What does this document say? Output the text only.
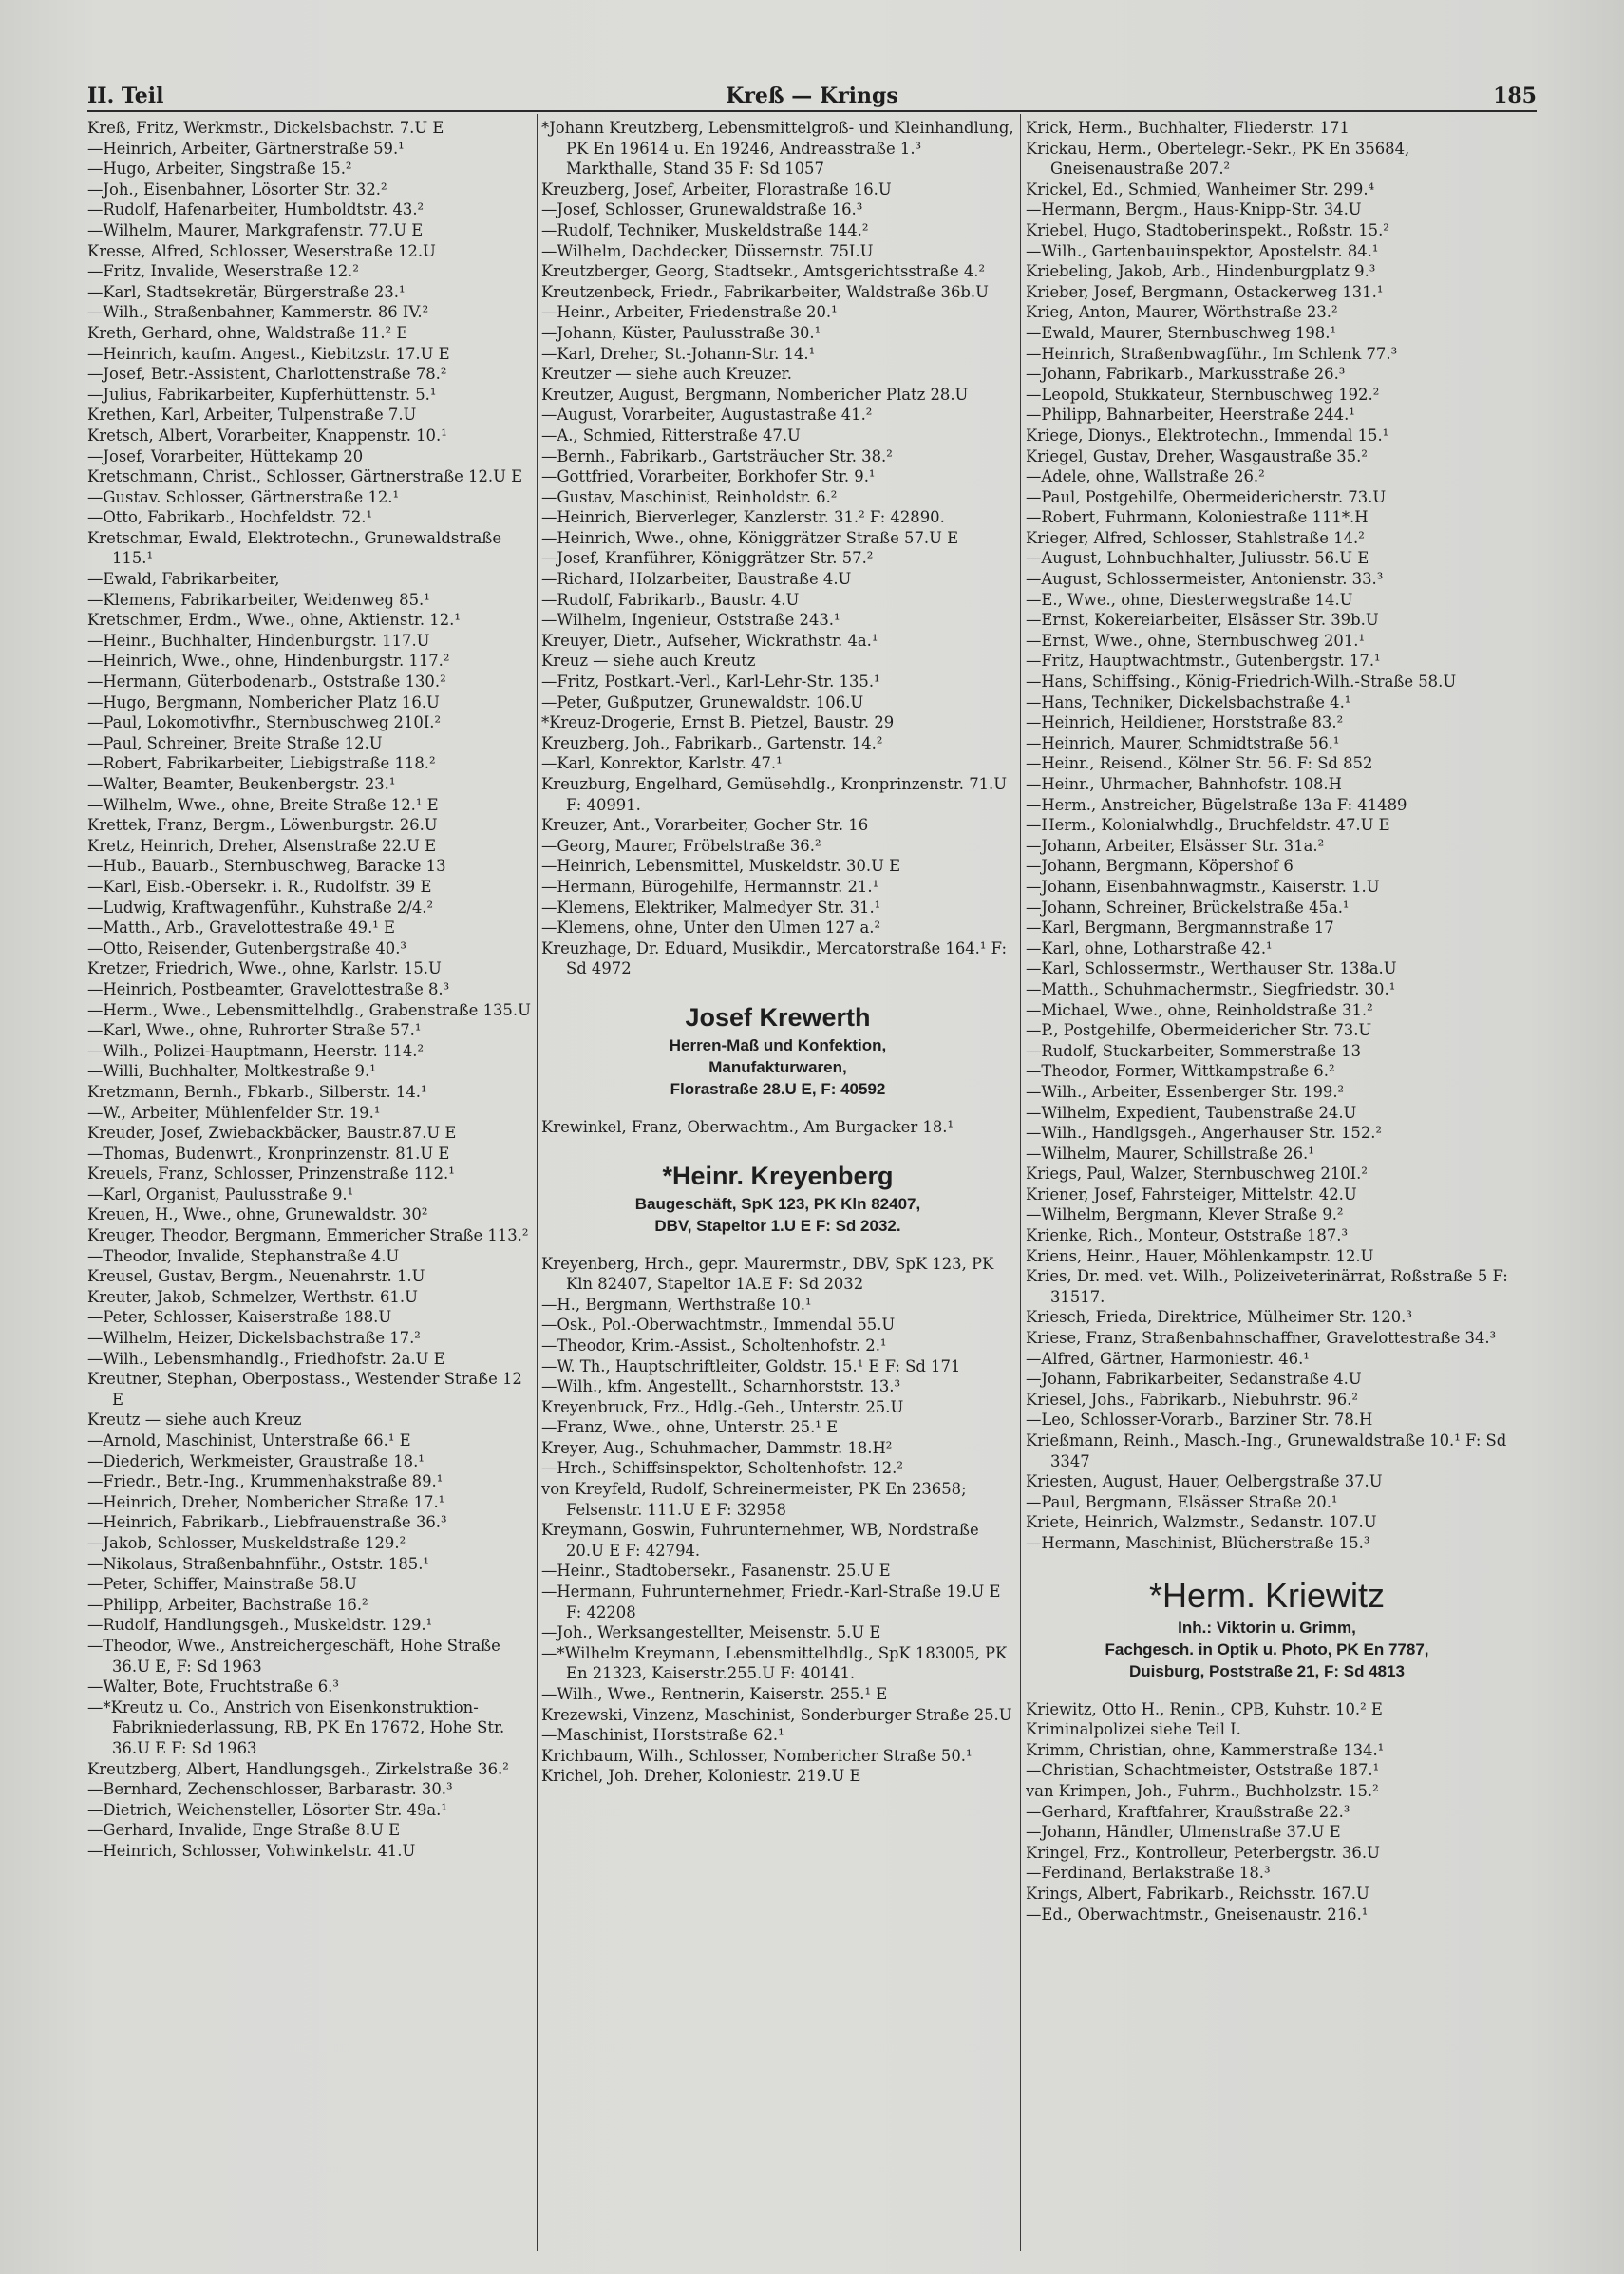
II. Teil	Kreß — Krings	185
Kreß, Fritz, Werkmstr., Dickelsbachstr. 7.U E
—Heinrich, Arbeiter, Gärtnerstraße 59.¹
—Hugo, Arbeiter, Singstraße 15.²
—Joh., Eisenbahner, Lösorter Str. 32.²
—Rudolf, Hafenarbeiter, Humboldtstr. 43.²
—Wilhelm, Maurer, Markgrafenstr. 77.U E
Kresse, Alfred, Schlosser, Weserstraße 12.U
—Fritz, Invalide, Weserstraße 12.²
—Karl, Stadtsekretär, Bürgerstraße 23.¹
—Wilh., Straßenbahner, Kammerstr. 86 IV.²
Kreth, Gerhard, ohne, Waldstraße 11.² E
—Heinrich, kaufm. Angest., Kiebitzstr. 17.U E
—Josef, Betr.-Assistent, Charlottenstraße 78.²
—Julius, Fabrikarbeiter, Kupferhüttenstr. 5.¹
Krethen, Karl, Arbeiter, Tulpenstraße 7.U
Kretsch, Albert, Vorarbeiter, Knappenstr. 10.¹
—Josef, Vorarbeiter, Hüttekamp 20
Kretschmann, Christ., Schlosser, Gärtnerstraße 12.U E
—Gustav. Schlosser, Gärtnerstraße 12.¹
—Otto, Fabrikarb., Hochfeldstr. 72.¹
Kretschmar, Ewald, Elektrotechn., Grunewaldstraße 115.¹
—Ewald, Fabrikarbeiter,
—Klemens, Fabrikarbeiter, Weidenweg 85.¹
Kretschmer, Erdm., Wwe., ohne, Aktienstr. 12.¹
—Heinr., Buchhalter, Hindenburgstr. 117.U
—Heinrich, Wwe., ohne, Hindenburgstr. 117.²
—Hermann, Güterbodenarb., Oststraße 130.²
—Hugo, Bergmann, Nombericher Platz 16.U
—Paul, Lokomotivfhr., Sternbuschweg 210I.²
—Paul, Schreiner, Breite Straße 12.U
—Robert, Fabrikarbeiter, Liebigstraße 118.²
—Walter, Beamter, Beukenbergstr. 23.¹
—Wilhelm, Wwe., ohne, Breite Straße 12.¹ E
Krettek, Franz, Bergm., Löwenburgstr. 26.U
Kretz, Heinrich, Dreher, Alsenstraße 22.U E
—Hub., Bauarb., Sternbuschweg, Baracke 13
—Karl, Eisb.-Obersekr. i. R., Rudolfstr. 39 E
—Ludwig, Kraftwagenführ., Kuhstraße 2/4.²
—Matth., Arb., Gravelottestraße 49.¹ E
—Otto, Reisender, Gutenbergstraße 40.³
Kretzer, Friedrich, Wwe., ohne, Karlstr. 15.U
—Heinrich, Postbeamter, Gravelottestraße 8.³
—Herm., Wwe., Lebensmittelhdlg., Grabenstraße 135.U
—Karl, Wwe., ohne, Ruhrorter Straße 57.¹
—Wilh., Polizei-Hauptmann, Heerstr. 114.²
—Willi, Buchhalter, Moltkestraße 9.¹
Kretzmann, Bernh., Fbkarb., Silberstr. 14.¹
—W., Arbeiter, Mühlenfelder Str. 19.¹
Kreuder, Josef, Zwiebackbäcker, Baustr.87.U E
—Thomas, Budenwrt., Kronprinzenstr. 81.U E
Kreuels, Franz, Schlosser, Prinzenstraße 112.¹
—Karl, Organist, Paulusstraße 9.¹
Kreuen, H., Wwe., ohne, Grunewaldstr. 30²
Kreuger, Theodor, Bergmann, Emmericher Straße 113.²
—Theodor, Invalide, Stephanstraße 4.U
Kreusel, Gustav, Bergm., Neuenahrstr. 1.U
Kreuter, Jakob, Schmelzer, Werthstr. 61.U
—Peter, Schlosser, Kaiserstraße 188.U
—Wilhelm, Heizer, Dickelsbachstraße 17.²
—Wilh., Lebensmhandlg., Friedhofstr. 2a.U E
Kreutner, Stephan, Oberpostass., Westender Straße 12 E
Kreutz — siehe auch Kreuz
—Arnold, Maschinist, Unterstraße 66.¹ E
—Diederich, Werkmeister, Graustraße 18.¹
—Friedr., Betr.-Ing., Krummenhakstraße 89.¹
—Heinrich, Dreher, Nombericher Straße 17.¹
—Heinrich, Fabrikarb., Liebfrauenstraße 36.³
—Jakob, Schlosser, Muskeldstraße 129.²
—Nikolaus, Straßenbahnführ., Oststr. 185.¹
—Peter, Schiffer, Mainstraße 58.U
—Philipp, Arbeiter, Bachstraße 16.²
—Rudolf, Handlungsgeh., Muskeldstr. 129.¹
—Theodor, Wwe., Anstreichergeschäft, Hohe Straße 36.U E, F: Sd 1963
—Walter, Bote, Fruchtstraße 6.³
—*Kreutz u. Co., Anstrich von Eisenkonstruktion-Fabrikniederlassung, RB, PK En 17672, Hohe Str. 36.U E F: Sd 1963
Kreutzberg, Albert, Handlungsgeh., Zirkelstraße 36.²
—Bernhard, Zechenschlosser, Barbarastr. 30.³
—Dietrich, Weichensteller, Lösorter Str. 49a.¹
—Gerhard, Invalide, Enge Straße 8.U E
—Heinrich, Schlosser, Vohwinkelstr. 41.U
*Johann Kreutzberg, Lebensmittelgroß- und Kleinhandlung, PK En 19614 u. En 19246, Andreasstraße 1.³ Markthalle, Stand 35 F: Sd 1057
Kreuzberg, Josef, Arbeiter, Florastraße 16.U
—Josef, Schlosser, Grunewaldstraße 16.³
—Rudolf, Techniker, Muskeldstraße 144.²
—Wilhelm, Dachdecker, Düssernstr. 75I.U
Kreutzberger, Georg, Stadtsekr., Amtsgerichtsstraße 4.²
Kreutzenbeck, Friedr., Fabrikarbeiter, Waldstraße 36b.U
—Heinr., Arbeiter, Friedenstraße 20.¹
—Johann, Küster, Paulusstraße 30.¹
—Karl, Dreher, St.-Johann-Str. 14.¹
Kreutzer — siehe auch Kreuzer.
Kreutzer, August, Bergmann, Nombericher Platz 28.U
—August, Vorarbeiter, Augustastraße 41.²
—A., Schmied, Ritterstraße 47.U
—Bernh., Fabrikarb., Gartsträucher Str. 38.²
—Gottfried, Vorarbeiter, Borkhofer Str. 9.¹
—Gustav, Maschinist, Reinholdstr. 6.²
—Heinrich, Bierverleger, Kanzlerstr. 31.² F: 42890.
—Heinrich, Wwe., ohne, Königgrätzer Straße 57.U E
—Josef, Kranführer, Königgrätzer Str. 57.²
—Richard, Holzarbeiter, Baustraße 4.U
—Rudolf, Fabrikarb., Baustr. 4.U
—Wilhelm, Ingenieur, Oststraße 243.¹
Kreuyer, Dietr., Aufseher, Wickrathstr. 4a.¹
Kreuz — siehe auch Kreutz
—Fritz, Postkart.-Verl., Karl-Lehr-Str. 135.¹
—Peter, Gußputzer, Grunewaldstr. 106.U
*Kreuz-Drogerie, Ernst B. Pietzel, Baustr. 29
Kreuzberg, Joh., Fabrikarb., Gartenstr. 14.²
—Karl, Konrektor, Karlstr. 47.¹
Kreuzburg, Engelhard, Gemüsehdlg., Kronprinzenstr. 71.U F: 40991.
Kreuzer, Ant., Vorarbeiter, Gocher Str. 16
—Georg, Maurer, Fröbelstraße 36.²
—Heinrich, Lebensmittel, Muskeldstr. 30.U E
—Hermann, Bürogehilfe, Hermannstr. 21.¹
—Klemens, Elektriker, Malmedyer Str. 31.¹
—Klemens, ohne, Unter den Ulmen 127 a.²
Kreuzhage, Dr. Eduard, Musikdir., Mercatorstraße 164.¹ F: Sd 4972
Josef Krewerth
Herren-Maß und Konfektion,
Manufakturwaren,
Florastraße 28.U E, F: 40592
Krewinkel, Franz, Oberwachtm., Am Burgacker 18.¹
*Heinr. Kreyenberg
Baugeschäft, SpK 123, PK Kln 82407,
DBV, Stapeltor 1.U E F: Sd 2032.
Kreyenberg, Hrch., gepr. Maurermstr., DBV, SpK 123, PK Kln 82407, Stapeltor 1A.E F: Sd 2032
—H., Bergmann, Werthstraße 10.¹
—Osk., Pol.-Oberwachtmstr., Immendal 55.U
—Theodor, Krim.-Assist., Scholtenhofstr. 2.¹
—W. Th., Hauptschriftleiter, Goldstr. 15.¹ E F: Sd 171
—Wilh., kfm. Angestellt., Scharnhorststr. 13.³
Kreyenbruck, Frz., Hdlg.-Geh., Unterstr. 25.U
—Franz, Wwe., ohne, Unterstr. 25.¹ E
Kreyer, Aug., Schuhmacher, Dammstr. 18.H²
—Hrch., Schiffsinspektor, Scholtenhofstr. 12.²
von Kreyfeld, Rudolf, Schreinermeister, PK En 23658; Felsenstr. 111.U E F: 32958
Kreymann, Goswin, Fuhrunternehmer, WB, Nordstraße 20.U E F: 42794.
—Heinr., Stadtobersekr., Fasanenstr. 25.U E
—Hermann, Fuhrunternehmer, Friedr.-Karl-Straße 19.U E F: 42208
—Joh., Werksangestellter, Meisenstr. 5.U E
—*Wilhelm Kreymann, Lebensmittelhdlg., SpK 183005, PK En 21323, Kaiserstr.255.U F: 40141.
—Wilh., Wwe., Rentnerin, Kaiserstr. 255.¹ E
Krezewski, Vinzenz, Maschinist, Sonderburger Straße 25.U
—Maschinist, Horststraße 62.¹
Krichbaum, Wilh., Schlosser, Nombericher Straße 50.¹
Krichel, Joh. Dreher, Koloniestr. 219.U E
Krick, Herm., Buchhalter, Fliederstr. 171
Krickau, Herm., Obertelegr.-Sekr., PK En 35684, Gneisenaustraße 207.²
Krickel, Ed., Schmied, Wanheimer Str. 299.⁴
—Hermann, Bergm., Haus-Knipp-Str. 34.U
Kriebel, Hugo, Stadtoberinspekt., Roßstr. 15.²
—Wilh., Gartenbauinspektor, Apostelstr. 84.¹
Kriebeling, Jakob, Arb., Hindenburgplatz 9.³
Krieber, Josef, Bergmann, Ostackerweg 131.¹
Krieg, Anton, Maurer, Wörthstraße 23.²
—Ewald, Maurer, Sternbuschweg 198.¹
—Heinrich, Straßenbwagführ., Im Schlenk 77.³
—Johann, Fabrikarb., Markusstraße 26.³
—Leopold, Stukkateur, Sternbuschweg 192.²
—Philipp, Bahnarbeiter, Heerstraße 244.¹
Kriege, Dionys., Elektrotechn., Immendal 15.¹
Kriegel, Gustav, Dreher, Wasgaustraße 35.²
—Adele, ohne, Wallstraße 26.²
—Paul, Postgehilfe, Obermeidericherstr. 73.U
—Robert, Fuhrmann, Koloniestraße 111*.H
Krieger, Alfred, Schlosser, Stahlstraße 14.²
—August, Lohnbuchhalter, Juliusstr. 56.U E
—August, Schlossermeister, Antonienstr. 33.³
—E., Wwe., ohne, Diesterwegstraße 14.U
—Ernst, Kokereiarbeiter, Elsässer Str. 39b.U
—Ernst, Wwe., ohne, Sternbuschweg 201.¹
—Fritz, Hauptwachtmstr., Gutenbergstr. 17.¹
—Hans, Schiffsing., König-Friedrich-Wilh.-Straße 58.U
—Hans, Techniker, Dickelsbachstraße 4.¹
—Heinrich, Heildiener, Horststraße 83.²
—Heinrich, Maurer, Schmidtstraße 56.¹
—Heinr., Reisend., Kölner Str. 56. F: Sd 852
—Heinr., Uhrmacher, Bahnhofstr. 108.H
—Herm., Anstreicher, Bügelstraße 13a F: 41489
—Herm., Kolonialwhdlg., Bruchfeldstr. 47.U E
—Johann, Arbeiter, Elsässer Str. 31a.²
—Johann, Bergmann, Köpershof 6
—Johann, Eisenbahnwagmstr., Kaiserstr. 1.U
—Johann, Schreiner, Brückelstraße 45a.¹
—Karl, Bergmann, Bergmannstraße 17
—Karl, ohne, Lotharstraße 42.¹
—Karl, Schlossermstr., Werthauser Str. 138a.U
—Matth., Schuhmachermstr., Siegfriedstr. 30.¹
—Michael, Wwe., ohne, Reinholdstraße 31.²
—P., Postgehilfe, Obermeidericher Str. 73.U
—Rudolf, Stuckarbeiter, Sommerstraße 13
—Theodor, Former, Wittkampstraße 6.²
—Wilh., Arbeiter, Essenberger Str. 199.²
—Wilhelm, Expedient, Taubenstraße 24.U
—Wilh., Handlgsgeh., Angerhauser Str. 152.²
—Wilhelm, Maurer, Schillstraße 26.¹
Kriegs, Paul, Walzer, Sternbuschweg 210I.²
Kriener, Josef, Fahrsteiger, Mittelstr. 42.U
—Wilhelm, Bergmann, Klever Straße 9.²
Krienke, Rich., Monteur, Oststraße 187.³
Kriens, Heinr., Hauer, Möhlenkampstr. 12.U
Kries, Dr. med. vet. Wilh., Polizeiveterinärrat, Roßstraße 5 F: 31517.
Kriesch, Frieda, Direktrice, Mülheimer Str. 120.³
Kriese, Franz, Straßenbahnschaffner, Gravelottestraße 34.³
—Alfred, Gärtner, Harmoniestr. 46.¹
—Johann, Fabrikarbeiter, Sedanstraße 4.U
Kriesel, Johs., Fabrikarb., Niebuhrstr. 96.²
—Leo, Schlosser-Vorarb., Barziner Str. 78.H
Krießmann, Reinh., Masch.-Ing., Grunewaldstraße 10.¹ F: Sd 3347
Kriesten, August, Hauer, Oelbergstraße 37.U
—Paul, Bergmann, Elsässer Straße 20.¹
Kriete, Heinrich, Walzmstr., Sedanstr. 107.U
—Hermann, Maschinist, Blücherstraße 15.³
*Herm. Kriewitz
Inh.: Viktorin u. Grimm,
Fachgesch. in Optik u. Photo, PK En 7787,
Duisburg, Poststraße 21, F: Sd 4813
Kriewitz, Otto H., Renin., CPB, Kuhstr. 10.² E
Kriminalpolizei siehe Teil I.
Krimm, Christian, ohne, Kammerstraße 134.¹
—Christian, Schachtmeister, Oststraße 187.¹
van Krimpen, Joh., Fuhrm., Buchholzstr. 15.²
—Gerhard, Kraftfahrer, Kraußstraße 22.³
—Johann, Händler, Ulmenstraße 37.U E
Kringel, Frz., Kontrolleur, Peterbergstr. 36.U
—Ferdinand, Berlakstraße 18.³
Krings, Albert, Fabrikarb., Reichsstr. 167.U
—Ed., Oberwachtmstr., Gneisenaustr. 216.¹
